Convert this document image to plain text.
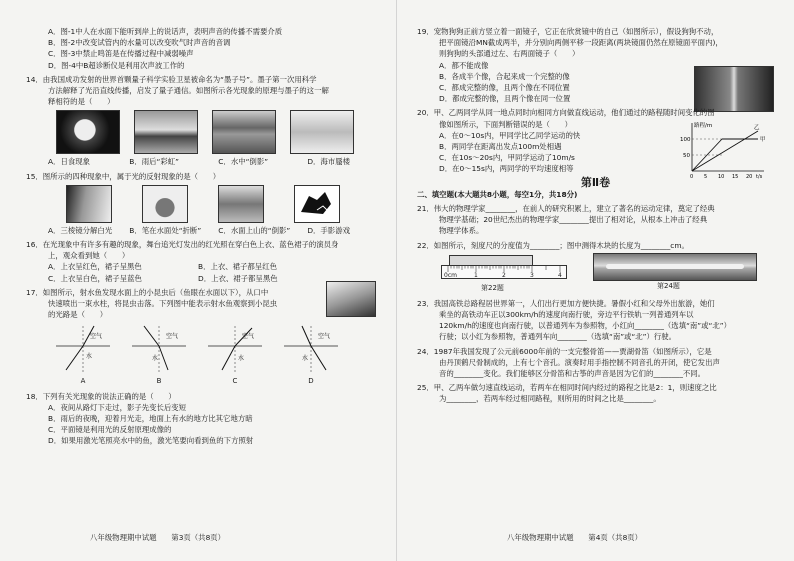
A．图-1中人在水面下能听到岸上的说话声，表明声音的传播不需要介质
B．图-2中改变试管内的水量可以改变吹气时声音的音调
C．图-3中禁止鸣笛是在传播过程中减弱噪声
D．图-4中B超诊断仪是利用次声波工作的
14．由我国成功发射的世界首颗量子科学实验卫星被命名为“墨子号”。墨子第一次用科学
方法解释了光沿直线传播，启发了量子通信。如图所示各光现象的原理与墨子的这一解
释相符的是（　　）
A．日食现象	B．雨后“彩虹”	C．水中“倒影”	D．海市蜃楼
15．图所示的四种现象中，属于光的反射现象的是（　　）
A．三棱镜分解白光 B．笔在水面处“折断” C．水面上山的“倒影” D．手影游戏
16．在光现象中有许多有趣的现象，舞台追光灯发出的红光照在穿白色上衣、蓝色裙子的演员身
上，观众看到她（　　）
A．上衣呈红色，裙子呈黑色	B．上衣、裙子都呈红色
C．上衣呈白色，裙子呈蓝色	D．上衣、裙子都呈黑色
17．如图所示，射水鱼发现水面上的小昆虫后（鱼眼在水面以下），从口中
快速喷出一束水柱，将昆虫击落。下列图中能表示射水鱼观察到小昆虫
的光路是（　　）
空气
水
A
空气
水
B
空气
水
C
空气
水
D
18．下列有关光现象的说法正确的是（　　）
A．夜间从路灯下走过，影子先变长后变短
B．雨后的夜晚，迎着月光走，地面上有水的地方比其它地方暗
C．平面镜是利用光的反射原理成像的
D．如果用激光笔照亮水中的鱼，激光笔要向看到鱼的下方照射
八年级物理期中试题　　第3页（共8页）
19．宠物狗狗正前方竖立着一面镜子，它正在欣赏镜中的自己（如图所示），假设狗狗不动，
把平面镜沿MN截成两半，并分别向两侧平移一段距离(两块镜面仍然在原镜面平面内)，
则狗狗的头部通过左、右两面镜子（　　）
A．都不能成像
B．各成半个像，合起来成一个完整的像
C．都成完整的像，且两个像在不同位置
D．都成完整的像，且两个像在同一位置
20．甲、乙两同学从同一地点同时向相同方向做直线运动，他们通过的路程随时间变化的图
像如图所示，下面判断错误的是（　　）
A．在0～10s内，甲同学比乙同学运动的快
B．两同学在距离出发点100m处相遇
C．在10s～20s内，甲同学运动了10m/s
D．在0～15s内，两同学的平均速度相等
路程/m
100
50
0 5 10 15 20 t/s
甲
乙
第Ⅱ卷
二、填空题(本大题共8小题，每空1分，共18分)
21．伟大的物理学家________，在前人的研究积累上，建立了著名的运动定律，奠定了经典
物理学基础；20世纪杰出的物理学家________提出了相对论，从根本上冲击了经典
物理学体系。
22．如图所示，刻度尺的分度值为________；图中测得木块的长度为________cm。
0cm	1	2	3	4
第22题	第24题
23．我国高铁总路程居世界第一，人们出行更加方便快捷。暑假小红和父母外出旅游，她们
乘坐的高铁动车正以300km/h的速度向南行驶，旁边平行铁轨一列普通列车以
120km/h的速度也向南行驶，以普通列车为参照物，小红向________（选填“南”或“北”）
行驶；以小红为参照物，普通列车向________（选填“南”或“北”）行驶。
24．1987年我国发现了公元前6000年前的一支完整骨笛——贾湖骨笛（如图所示），它是
由丹顶鹤尺骨制成的，上有七个音孔。演奏时用手指控制不同音孔的开闭，使它发出声
音的________变化。我们能够区分骨笛和古筝的声音是因为它们的________不同。
25．甲、乙两车做匀速直线运动，若两车在相同时间内经过的路程之比是2：1，则速度之比
为________，若两车经过相同路程，则所用的时间之比是________。
八年级物理期中试题　　第4页（共8页）
